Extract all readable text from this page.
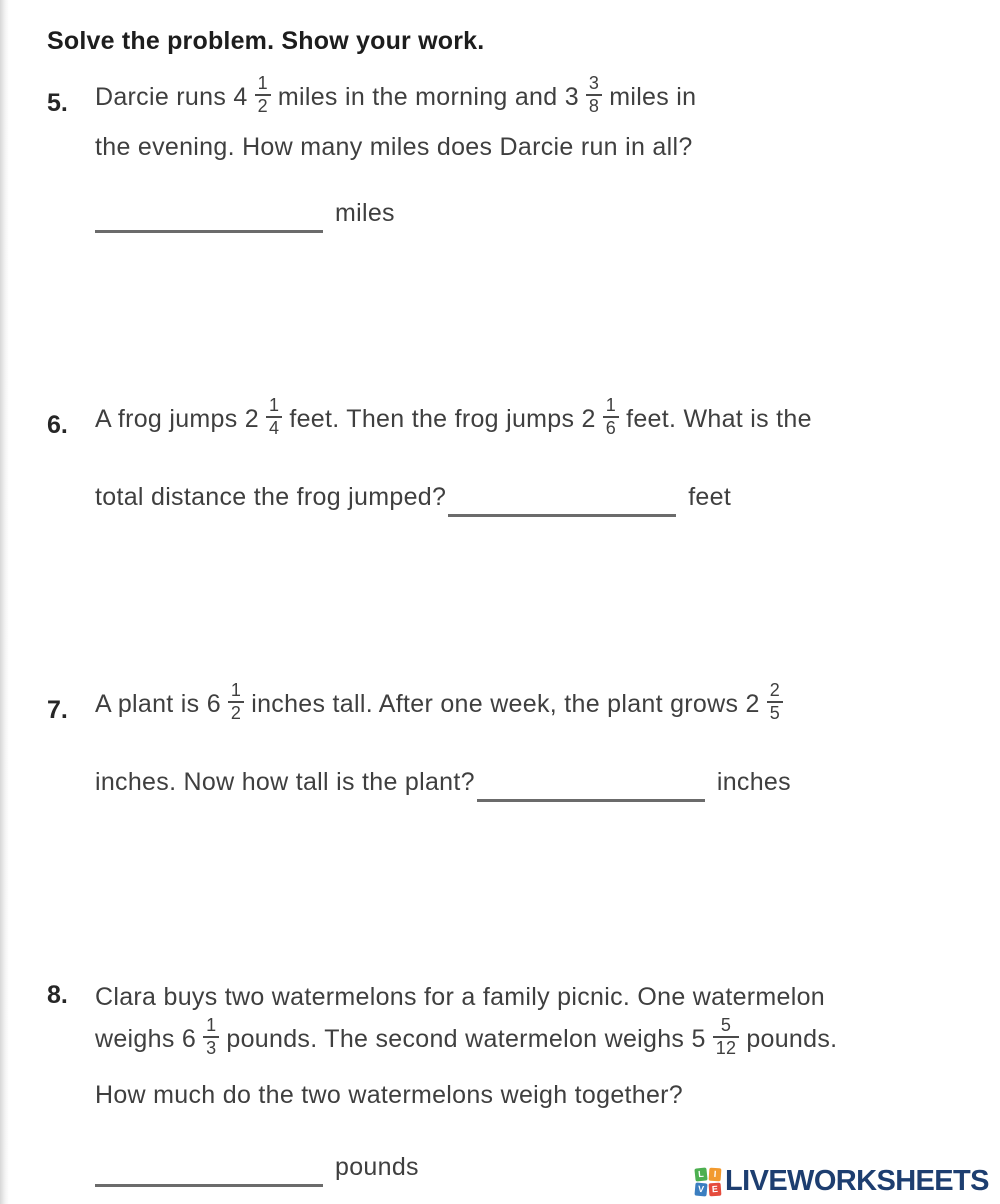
Solve the problem. Show your work.
5. Darcie runs $4 \frac{1}{2}$ miles in the morning and $3 \frac{3}{8}$ miles in
the evening. How many miles does Darcie run in all?
miles
6. A frog jumps $2 \frac{1}{4}$ feet. Then the frog jumps $2 \frac{1}{6}$ feet. What is the
total distance the frog jumped?	feet
7. A plant is $6 \frac{1}{2}$ inches tall. After one week, the plant grows $2 \frac{2}{5}$
inches. Now how tall is the plant?	inches
8. Clara buys two watermelons for a family picnic. One watermelon
weighs $6 \frac{1}{3}$ pounds. The second watermelon weighs $5 \frac{5}{12}$ pounds.
How much do the two watermelons weigh together?
pounds	L	I
V E LIVEWORKSHEETS
